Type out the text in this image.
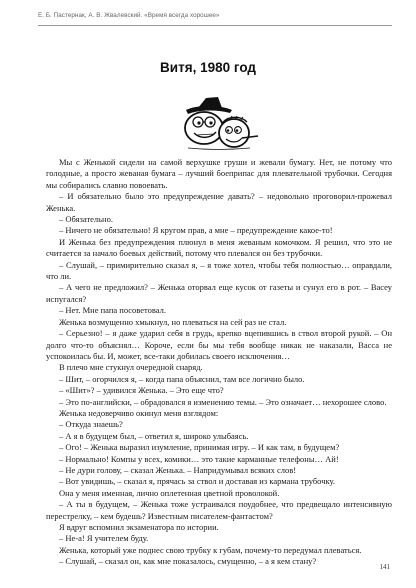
Е. Б. Пастернак, А. В. Жвалевский. «Время всегда хорошее»
Витя, 1980 год

Мы с Женькой сидели на самой верхушке груши и жевали бумагу. Нет, не потому что голодные, а просто жеваная бумага – лучший боеприпас для плевательной трубочки. Сегодня мы собирались славно повоевать.

– И обязательно было это предупреждение давать? – недовольно проговорил-прожевал Женька.

– Обязательно.

– Ничего не обязательно! Я кругом прав, а мне – предупреждение какое-то!

И Женька без предупреждения плюнул в меня жеваным комочком. Я решил, что это не считается за начало боевых действий, потому что плевался он без трубочки.

– Слушай, – примирительно сказал я, – я тоже хотел, чтобы тебя полностью… оправдали, что ли.

– А чего не предложил? – Женька оторвал еще кусок от газеты и сунул его в рот. – Васеу испугался?

– Нет. Мне папа посоветовал.

Женька возмущенно хмыкнул, но плеваться на сей раз не стал.

– Серьезно! – я даже ударил себя в грудь, крепко вцепившись в ствол второй рукой. – Он долго что-то объяснял… Короче, если бы мы тебя вообще никак не наказали, Васса не успокоилась бы. И, может, все-таки добилась своего исключения…

В плечо мне стукнул очередной снаряд.

– Шит, – огорчился я, – когда папа объяснил, там все логично было.

– «Шит»? – удивился Женька. – Это еще что?

– Это по-английски, – обрадовался я изменению темы. – Это означает… нехорошее слово.

Женька недоверчиво окинул меня взглядом:

– Откуда знаешь?

– А я в будущем был, – ответил я, широко улыбаясь.

– Ого! – Женька выразил изумление, принимая игру. – И как там, в будущем?

– Нормально! Компы у всех, комики… это такие карманные телефоны… Ай!

– Не дури голову, – сказал Женька. – Напридумывал всяких слов!

– Вот увидишь, – сказал я, прячась за ствол и доставая из кармана трубочку.

Она у меня именная, лично оплетенная цветной проволокой.

– А ты в будущем, – Женька тоже устраивался поудобнее, что предвещало интенсивную перестрелку, – кем будешь? Известным писателем-фантастом?

Я вдруг вспомнил экзаменатора по истории.

– Не-а! Я учителем буду.

Женька, который уже поднес свою трубку к губам, почему-то передумал плеваться.

– Слушай, – сказал он, как мне показалось, смущенно, – а я кем стану?

141
